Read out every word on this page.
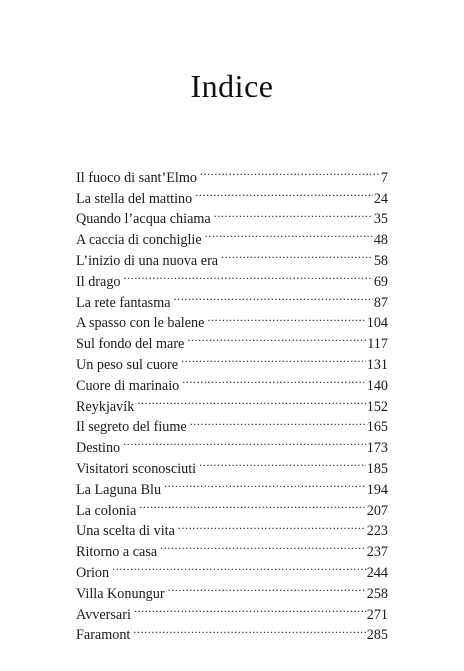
Indice
Il fuoco di sant’Elmo .....	7
La stella del mattino .....	24
Quando l’acqua chiama .....	35
A caccia di conchiglie .....	48
L’inizio di una nuova era .....	58
Il drago .....	69
La rete fantasma .....	87
A spasso con le balene .....	104
Sul fondo del mare .....	117
Un peso sul cuore .....	131
Cuore di marinaio .....	140
Reykjavík .....	152
Il segreto del fiume .....	165
Destino .....	173
Visitatori sconosciuti .....	185
La Laguna Blu .....	194
La colonia .....	207
Una scelta di vita .....	223
Ritorno a casa .....	237
Orion .....	244
Villa Konungur .....	258
Avversari .....	271
Faramont .....	285
